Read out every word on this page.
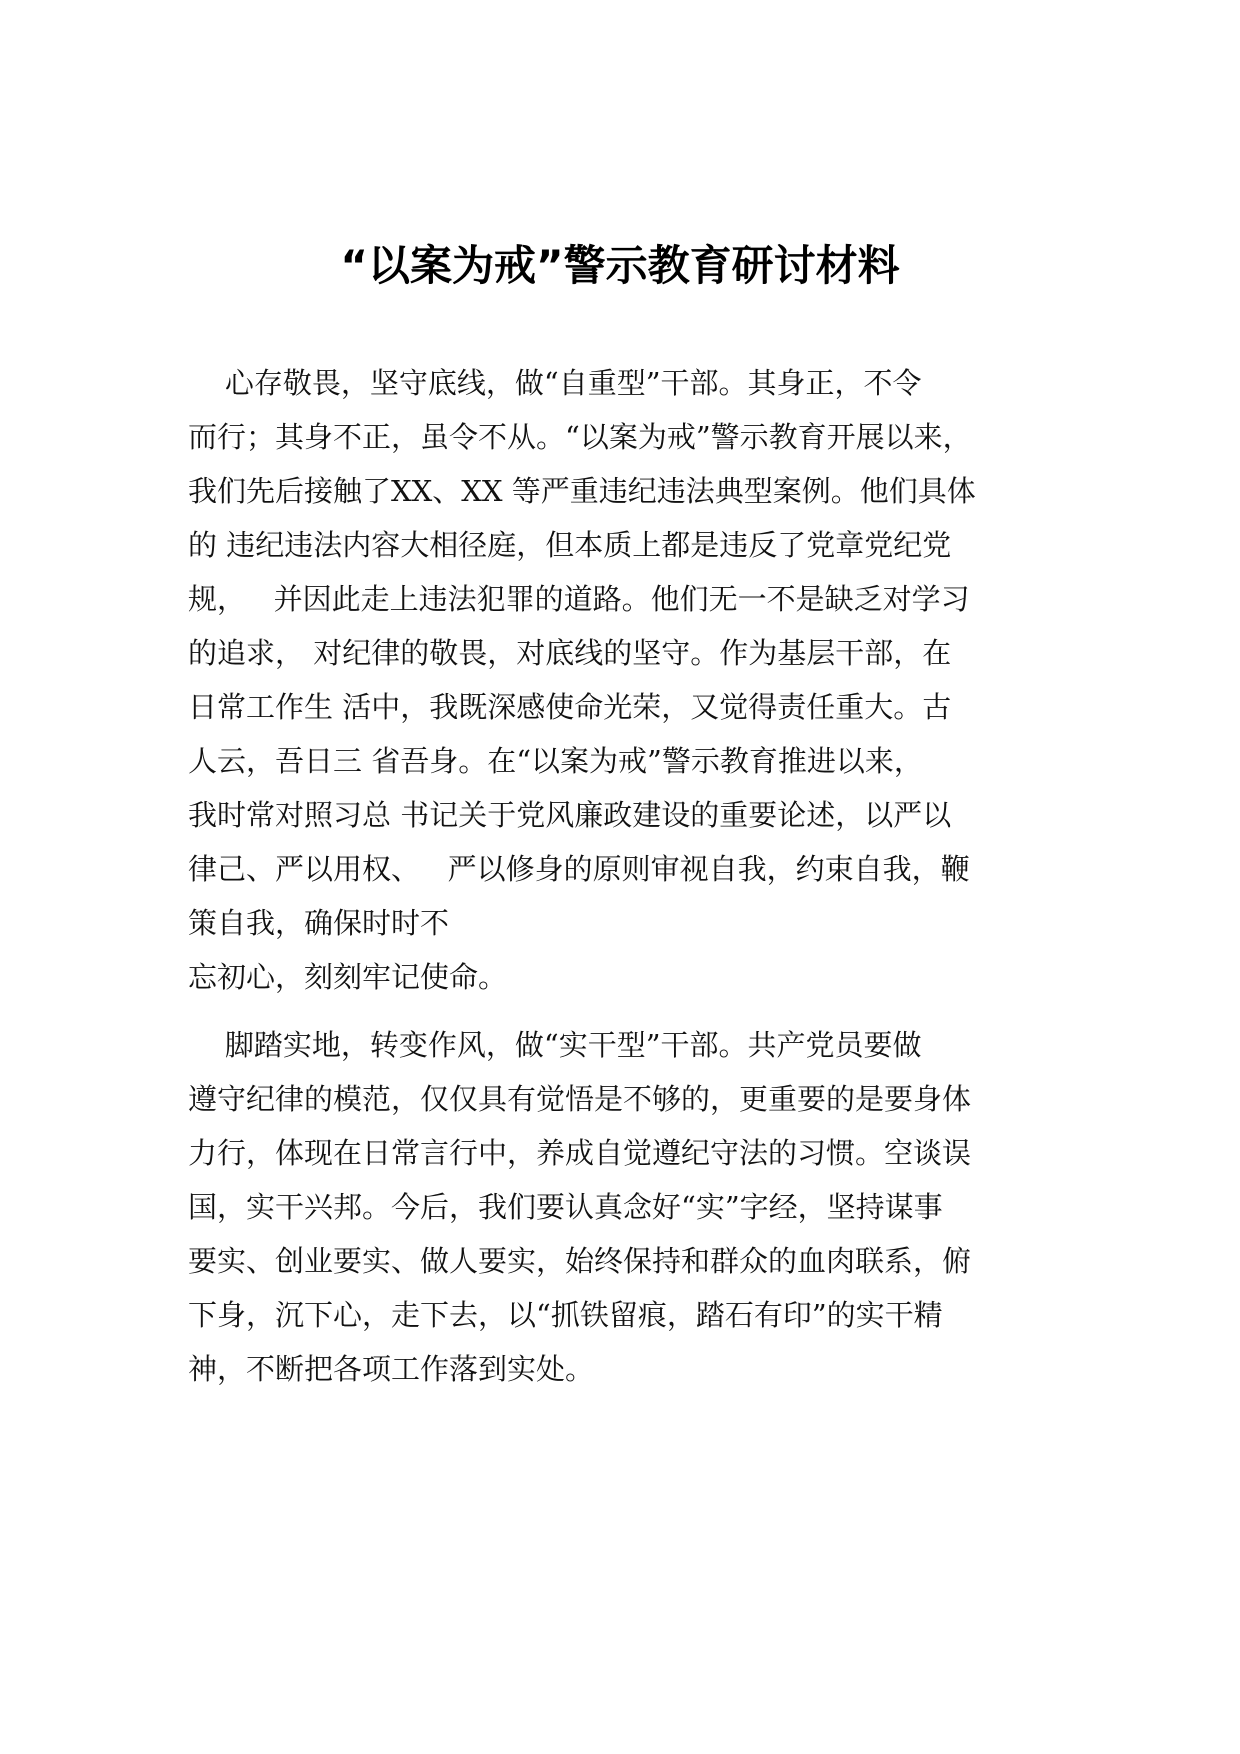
“以案为戒”警示教育研讨材料
心存敬畏，坚守底线，做“自重型”干部。其身正，不令
而行；其身不正，虽令不从。“以案为戒”警示教育开展以来，
我们先后接触了XX、XX 等严重违纪违法典型案例。他们具体
的 违纪违法内容大相径庭，但本质上都是违反了党章党纪党
规，   并因此走上违法犯罪的道路。他们无一不是缺乏对学习
的追求， 对纪律的敬畏，对底线的坚守。作为基层干部，在
日常工作生 活中，我既深感使命光荣，又觉得责任重大。古
人云，吾日三 省吾身。在“以案为戒”警示教育推进以来，
我时常对照习总 书记关于党风廉政建设的重要论述，以严以
律己、严以用权、   严以修身的原则审视自我，约束自我，鞭
策自我，确保时时不
忘初心，刻刻牢记使命。
脚踏实地，转变作风，做“实干型”干部。共产党员要做
遵守纪律的模范，仅仅具有觉悟是不够的，更重要的是要身体
力行，体现在日常言行中，养成自觉遵纪守法的习惯。空谈误
国，实干兴邦。今后，我们要认真念好“实”字经，坚持谋事
要实、创业要实、做人要实，始终保持和群众的血肉联系，俯
下身，沉下心，走下去，以“抓铁留痕，踏石有印”的实干精
神，不断把各项工作落到实处。
